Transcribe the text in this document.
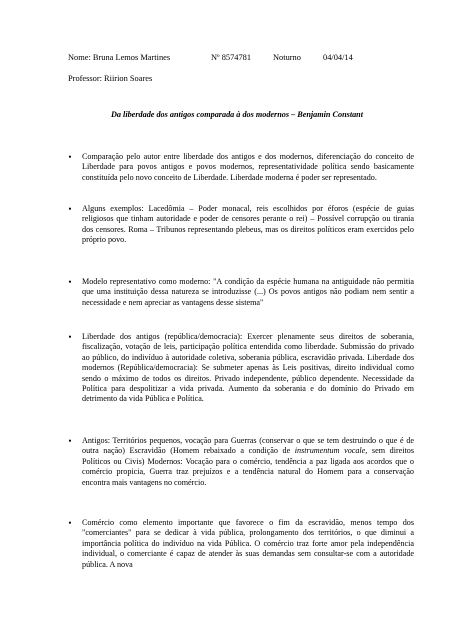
Nome: Bruna Lemos Martines

	Nº 8574781

	Noturno

	04/04/14

Professor: Riirion Soares

Da liberdade dos antigos comparada à dos modernos – Benjamin Constant
•	Comparação pelo autor entre liberdade dos antigos e dos modernos, diferenciação do conceito de Liberdade para povos antigos e povos modernos, representatividade política sendo basicamente constituída pelo novo conceito de Liberdade. Liberdade moderna é poder ser representado.
•	Alguns exemplos: Lacedômia – Poder monacal, reis escolhidos por éforos (espécie de guias religiosos que tinham autoridade e poder de censores perante o rei) – Possível corrupção ou tirania dos censores. Roma – Tribunos representando plebeus, mas os direitos políticos eram exercidos pelo próprio povo.
•	Modelo representativo como moderno: "A condição da espécie humana na antiguidade não permitia que uma instituição dessa natureza se introduzisse (...) Os povos antigos não podiam nem sentir a necessidade e nem apreciar as vantagens desse sistema"
•	Liberdade dos antigos (república/democracia): Exercer plenamente seus direitos de soberania, fiscalização, votação de leis, participação política entendida como liberdade. Submissão do privado ao público, do indivíduo à autoridade coletiva, soberania pública, escravidão privada. Liberdade dos modernos (República/democracia): Se submeter apenas às Leis positivas, direito individual como sendo o máximo de todos os direitos. Privado independente, público dependente. Necessidade da Política para despolitizar a vida privada. Aumento da soberania e do domínio do Privado em detrimento da vida Pública e Política.
•	Antigos: Territórios pequenos, vocação para Guerras (conservar o que se tem destruindo o que é de outra nação) Escravidão (Homem rebaixado a condição de instrumentum vocale, sem direitos Políticos ou Civis) Modernos: Vocação para o comércio, tendência a paz ligada aos acordos que o comércio propicia, Guerra traz prejuízos e a tendência natural do Homem para a conservação encontra mais vantagens no comércio.
•	Comércio como elemento importante que favorece o fim da escravidão, menos tempo dos "comerciantes" para se dedicar à vida pública, prolongamento dos territórios, o que diminui a importância política do indivíduo na vida Pública. O comércio traz forte amor pela independência individual, o comerciante é capaz de atender às suas demandas sem consultar-se com a autoridade pública. A nova
